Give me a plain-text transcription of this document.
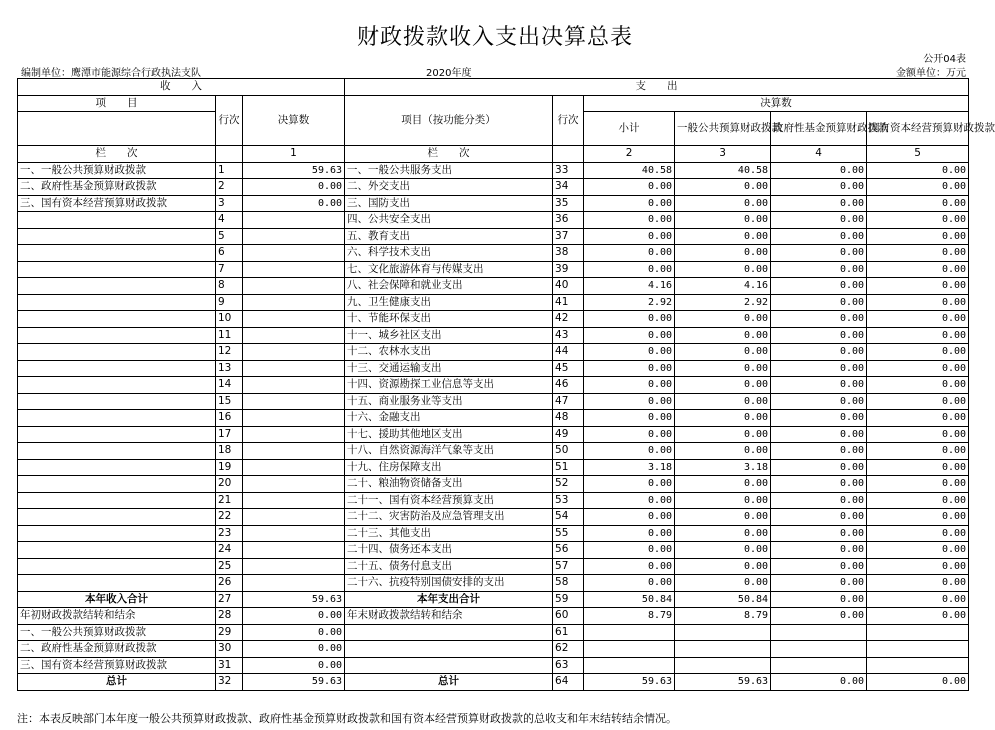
财政拨款收入支出决算总表
公开04表
编制单位：鹰潭市能源综合行政执法支队	2020年度	金额单位：万元
收　　入			支　　出					
项　　目	行次	决算数	项目（按功能分类）	行次	决算数			
					小计	一般公共预算财政拨款	政府性基金预算财政拨款	国有资本经营预算财政拨款

栏　　次		1	栏　　次		2	3	4	5
一、一般公共预算财政拨款	1	59.63	一、一般公共服务支出	33	40.58	40.58	0.00	0.00
二、政府性基金预算财政拨款	2	0.00	二、外交支出	34	0.00	0.00	0.00	0.00
三、国有资本经营预算财政拨款	3	0.00	三、国防支出	35	0.00	0.00	0.00	0.00
	4		四、公共安全支出	36	0.00	0.00	0.00	0.00
	5		五、教育支出	37	0.00	0.00	0.00	0.00
	6		六、科学技术支出	38	0.00	0.00	0.00	0.00
	7		七、文化旅游体育与传媒支出	39	0.00	0.00	0.00	0.00
	8		八、社会保障和就业支出	40	4.16	4.16	0.00	0.00
	9		九、卫生健康支出	41	2.92	2.92	0.00	0.00
	10		十、节能环保支出	42	0.00	0.00	0.00	0.00
	11		十一、城乡社区支出	43	0.00	0.00	0.00	0.00
	12		十二、农林水支出	44	0.00	0.00	0.00	0.00
	13		十三、交通运输支出	45	0.00	0.00	0.00	0.00
	14		十四、资源勘探工业信息等支出	46	0.00	0.00	0.00	0.00
	15		十五、商业服务业等支出	47	0.00	0.00	0.00	0.00
	16		十六、金融支出	48	0.00	0.00	0.00	0.00
	17		十七、援助其他地区支出	49	0.00	0.00	0.00	0.00
	18		十八、自然资源海洋气象等支出	50	0.00	0.00	0.00	0.00
	19		十九、住房保障支出	51	3.18	3.18	0.00	0.00
	20		二十、粮油物资储备支出	52	0.00	0.00	0.00	0.00
	21		二十一、国有资本经营预算支出	53	0.00	0.00	0.00	0.00
	22		二十二、灾害防治及应急管理支出	54	0.00	0.00	0.00	0.00
	23		二十三、其他支出	55	0.00	0.00	0.00	0.00
	24		二十四、债务还本支出	56	0.00	0.00	0.00	0.00
	25		二十五、债务付息支出	57	0.00	0.00	0.00	0.00
	26		二十六、抗疫特别国债安排的支出	58	0.00	0.00	0.00	0.00
本年收入合计	27	59.63	本年支出合计	59	50.84	50.84	0.00	0.00
年初财政拨款结转和结余	28	0.00	年末财政拨款结转和结余	60	8.79	8.79	0.00	0.00
一、一般公共预算财政拨款	29	0.00		61				
二、政府性基金预算财政拨款	30	0.00		62				
三、国有资本经营预算财政拨款	31	0.00		63				
总计	32	59.63	总计	64	59.63	59.63	0.00	0.00
注：本表反映部门本年度一般公共预算财政拨款、政府性基金预算财政拨款和国有资本经营预算财政拨款的总收支和年末结转结余情况。
